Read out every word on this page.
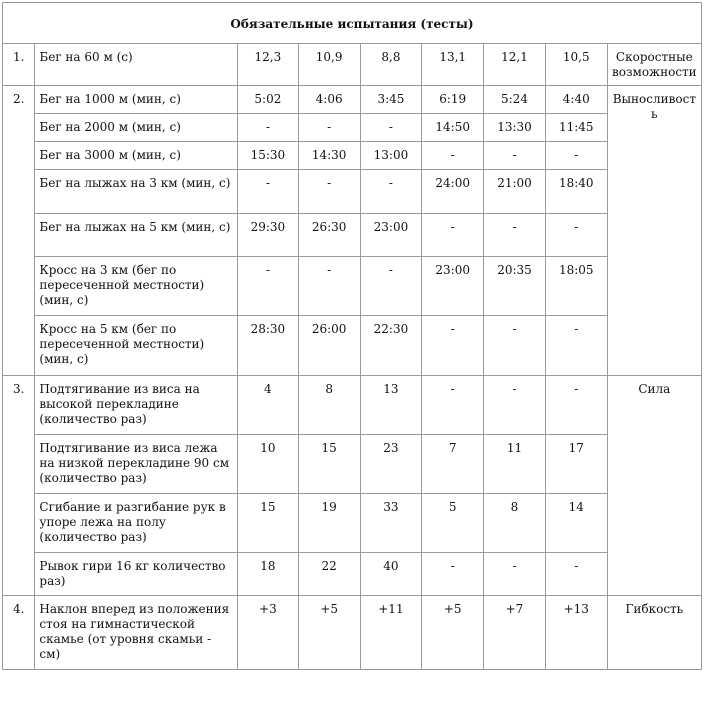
Обязательные испытания (тесты)								
1.	Бег на 60 м (с)	12,3	10,9	8,8	13,1	12,1	10,5	Скоростные возможности
2.	Бег на 1000 м (мин, с)	5:02	4:06	3:45	6:19	5:24	4:40	Выносливость
	Бег на 2000 м (мин, с)	-	-	-	14:50	13:30	11:45	
	Бег на 3000 м (мин, с)	15:30	14:30	13:00	-	-	-	
	Бег на лыжах на 3 км (мин, с)	-	-	-	24:00	21:00	18:40	
	Бег на лыжах на 5 км (мин, с)	29:30	26:30	23:00	-	-	-	
	Кросс на 3 км (бег по пересеченной местности) (мин, с)	-	-	-	23:00	20:35	18:05	
	Кросс на 5 км (бег по пересеченной местности) (мин, с)	28:30	26:00	22:30	-	-	-	
3.	Подтягивание из виса на высокой перекладине (количество раз)	4	8	13	-	-	-	Сила
	Подтягивание из виса лежа на низкой перекладине 90 см (количество раз)	10	15	23	7	11	17	
	Сгибание и разгибание рук в упоре лежа на полу (количество раз)	15	19	33	5	8	14	
	Рывок гири 16 кг количество раз)	18	22	40	-	-	-	
4.	Наклон вперед из положения стоя на гимнастической скамье (от уровня скамьи - см)	+3	+5	+11	+5	+7	+13	Гибкость
